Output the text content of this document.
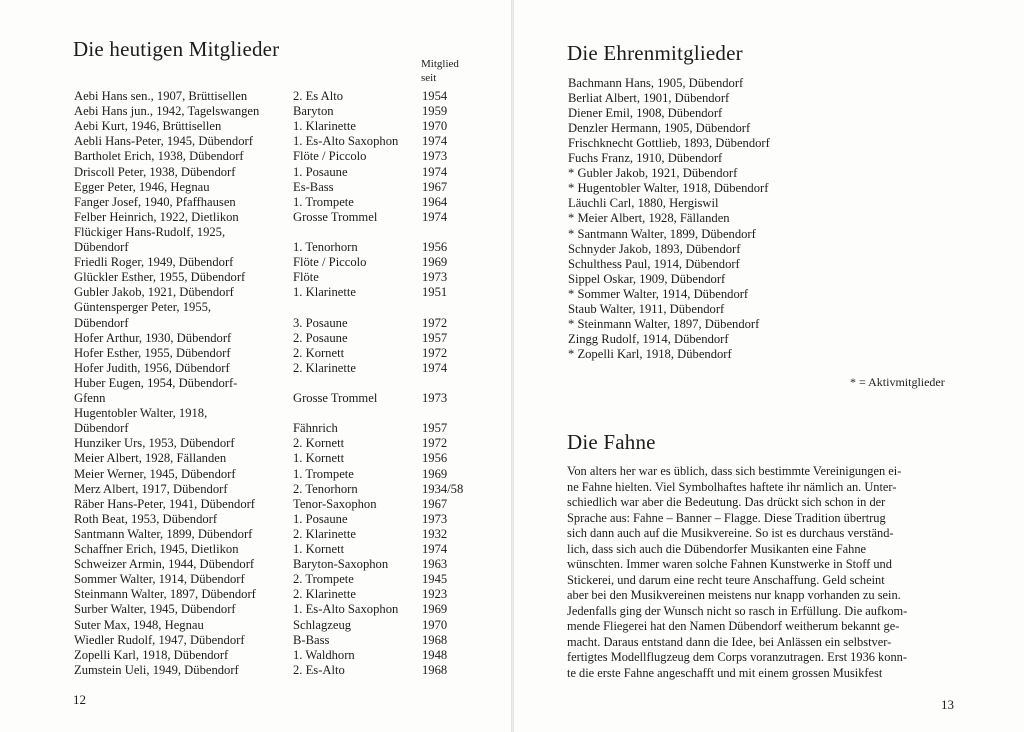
Die heutigen Mitglieder
Mitglied
seit
Aebi Hans sen., 1907, Brüttisellen	2. Es Alto	1954
Aebi Hans jun., 1942, Tagelswangen	Baryton	1959
Aebi Kurt, 1946, Brüttisellen	1. Klarinette	1970
Aebli Hans-Peter, 1945, Dübendorf	1. Es-Alto Saxophon 1974
Bartholet Erich, 1938, Dübendorf	Flöte / Piccolo	1973
Driscoll Peter, 1938, Dübendorf	1. Posaune	1974
Egger Peter, 1946, Hegnau	Es-Bass	1967
Fanger Josef, 1940, Pfaffhausen	1. Trompete	1964
Felber Heinrich, 1922, Dietlikon	Grosse Trommel	1974
Flückiger Hans-Rudolf, 1925,
Dübendorf	1. Tenorhorn	1956
Friedli Roger, 1949, Dübendorf	Flöte / Piccolo	1969
Glückler Esther, 1955, Dübendorf	Flöte	1973
Gubler Jakob, 1921, Dübendorf	1. Klarinette	1951
Güntensperger Peter, 1955,
Dübendorf	3. Posaune	1972
Hofer Arthur, 1930, Dübendorf	2. Posaune	1957
Hofer Esther, 1955, Dübendorf	2. Kornett	1972
Hofer Judith, 1956, Dübendorf	2. Klarinette	1974
Huber Eugen, 1954, Dübendorf-
Gfenn	Grosse Trommel	1973
Hugentobler Walter, 1918,
Dübendorf	Fähnrich	1957
Hunziker Urs, 1953, Dübendorf	2. Kornett	1972
Meier Albert, 1928, Fällanden	1. Kornett	1956
Meier Werner, 1945, Dübendorf	1. Trompete	1969
Merz Albert, 1917, Dübendorf	2. Tenorhorn	1934/58
Räber Hans-Peter, 1941, Dübendorf	Tenor-Saxophon	1967
Roth Beat, 1953, Dübendorf	1. Posaune	1973
Santmann Walter, 1899, Dübendorf	2. Klarinette	1932
Schaffner Erich, 1945, Dietlikon	1. Kornett	1974
Schweizer Armin, 1944, Dübendorf	Baryton-Saxophon	1963
Sommer Walter, 1914, Dübendorf	2. Trompete	1945
Steinmann Walter, 1897, Dübendorf	2. Klarinette	1923
Surber Walter, 1945, Dübendorf	1. Es-Alto Saxophon 1969
Suter Max, 1948, Hegnau	Schlagzeug	1970
Wiedler Rudolf, 1947, Dübendorf	B-Bass	1968
Zopelli Karl, 1918, Dübendorf	1. Waldhorn	1948
Zumstein Ueli, 1949, Dübendorf	2. Es-Alto	1968
12
Die Ehrenmitglieder
Bachmann Hans, 1905, Dübendorf
Berliat Albert, 1901, Dübendorf
Diener Emil, 1908, Dübendorf
Denzler Hermann, 1905, Dübendorf
Frischknecht Gottlieb, 1893, Dübendorf
Fuchs Franz, 1910, Dübendorf
* Gubler Jakob, 1921, Dübendorf
* Hugentobler Walter, 1918, Dübendorf
Läuchli Carl, 1880, Hergiswil
* Meier Albert, 1928, Fällanden
* Santmann Walter, 1899, Dübendorf
Schnyder Jakob, 1893, Dübendorf
Schulthess Paul, 1914, Dübendorf
Sippel Oskar, 1909, Dübendorf
* Sommer Walter, 1914, Dübendorf
Staub Walter, 1911, Dübendorf
* Steinmann Walter, 1897, Dübendorf
Zingg Rudolf, 1914, Dübendorf
* Zopelli Karl, 1918, Dübendorf
* = Aktivmitglieder
Die Fahne
Von alters her war es üblich, dass sich bestimmte Vereinigungen ei-
ne Fahne hielten. Viel Symbolhaftes haftete ihr nämlich an. Unter-
schiedlich war aber die Bedeutung. Das drückt sich schon in der
Sprache aus: Fahne – Banner – Flagge. Diese Tradition übertrug
sich dann auch auf die Musikvereine. So ist es durchaus verständ-
lich, dass sich auch die Dübendorfer Musikanten eine Fahne
wünschten. Immer waren solche Fahnen Kunstwerke in Stoff und
Stickerei, und darum eine recht teure Anschaffung. Geld scheint
aber bei den Musikvereinen meistens nur knapp vorhanden zu sein.
Jedenfalls ging der Wunsch nicht so rasch in Erfüllung. Die aufkom-
mende Fliegerei hat den Namen Dübendorf weitherum bekannt ge-
macht. Daraus entstand dann die Idee, bei Anlässen ein selbstver-
fertigtes Modellflugzeug dem Corps voranzutragen. Erst 1936 konn-
te die erste Fahne angeschafft und mit einem grossen Musikfest
13
